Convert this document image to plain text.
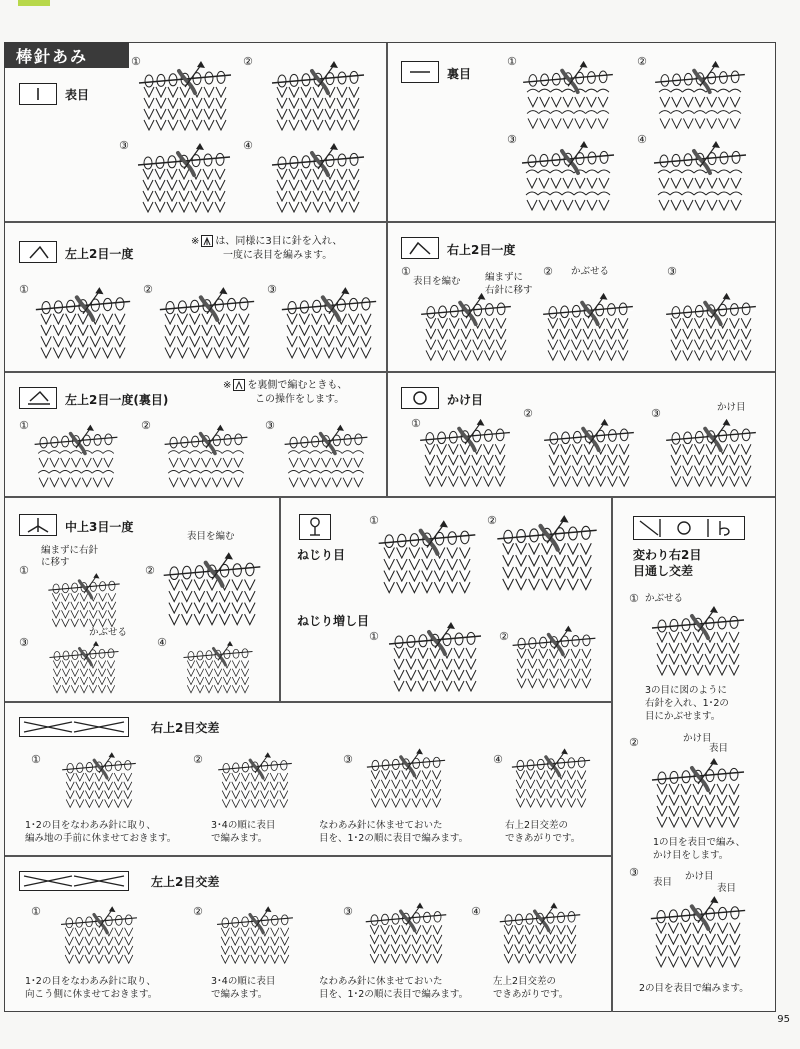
棒針あみ
表目
①	②
③	④
裏目
①	②
③	④
左上2目一度
※ は、同様に3目に針を入れ、
一度に表目を編みます。
①	②	③
右上2目一度
①
表目を編む	編まずに
右針に移す
② かぶせる	③
左上2目一度(裏目)
※ を裏側で編むときも、
この操作をします。
①	②	③
かけ目
①
②	③	かけ目
中上3目一度
編まずに右針
に移す
表目を編む
①	②
③
かぶせる
④
ねじり目
ねじり増し目
①	②
①	②
変わり右2目
目通し交差
① かぶせる
3の目に図のように
右針を入れ、1･2の
目にかぶせます。
②	かけ目
表目
1の目を表目で編み、
かけ目をします。
③
表目
かけ目
表目
2の目を表目で編みます。
右上2目交差
①	②	③	④
1･2の目をなわあみ針に取り、
編み地の手前に休ませておきます。
3･4の順に表目
で編みます。
なわあみ針に休ませておいた
目を、1･2の順に表目で編みます。
右上2目交差の
できあがりです。
左上2目交差
①	②	③	④
1･2の目をなわあみ針に取り、
向こう側に休ませておきます。
3･4の順に表目
で編みます。
なわあみ針に休ませておいた
目を、1･2の順に表目で編みます。
左上2目交差の
できあがりです。
95
